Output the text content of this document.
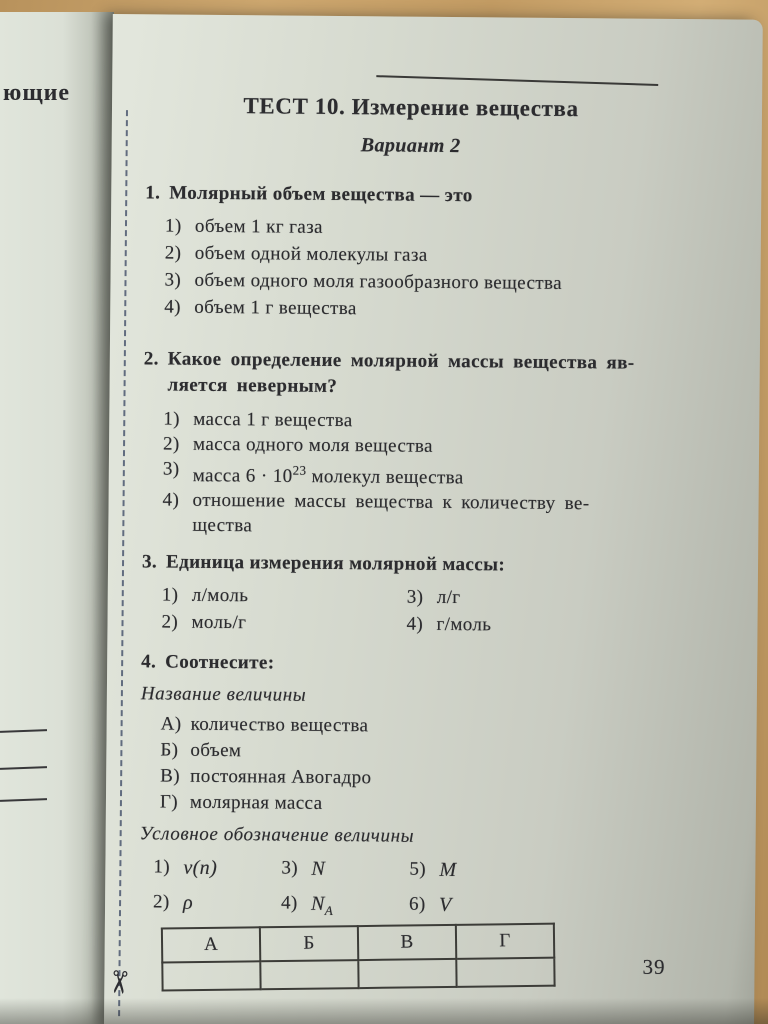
ющие
✂
ТЕСТ 10. Измерение вещества
Вариант 2
1. Молярный объем вещества — это
1) объем 1 кг газа
2) объем одной молекулы газа
3) объем одного моля газообразного вещества
4) объем 1 г вещества
2. Какое определение молярной массы вещества яв-
ляется неверным?
1) масса 1 г вещества
2) масса одного моля вещества
3) масса $6 \cdot 10^{23}$ молекул вещества
4) отношение массы вещества к количеству ве-
щества
3. Единица измерения молярной массы:
1) л/моль
2) моль/г
3) л/г
4) г/моль
4. Соотнесите:
Название величины
А) количество вещества
Б) объем
В) постоянная Авогадро
Г) молярная масса
Условное обозначение величины
1) ν(n)
2) ρ
3) N
4) $N_A$
5) M
6) V
А	Б	В	Г

39
